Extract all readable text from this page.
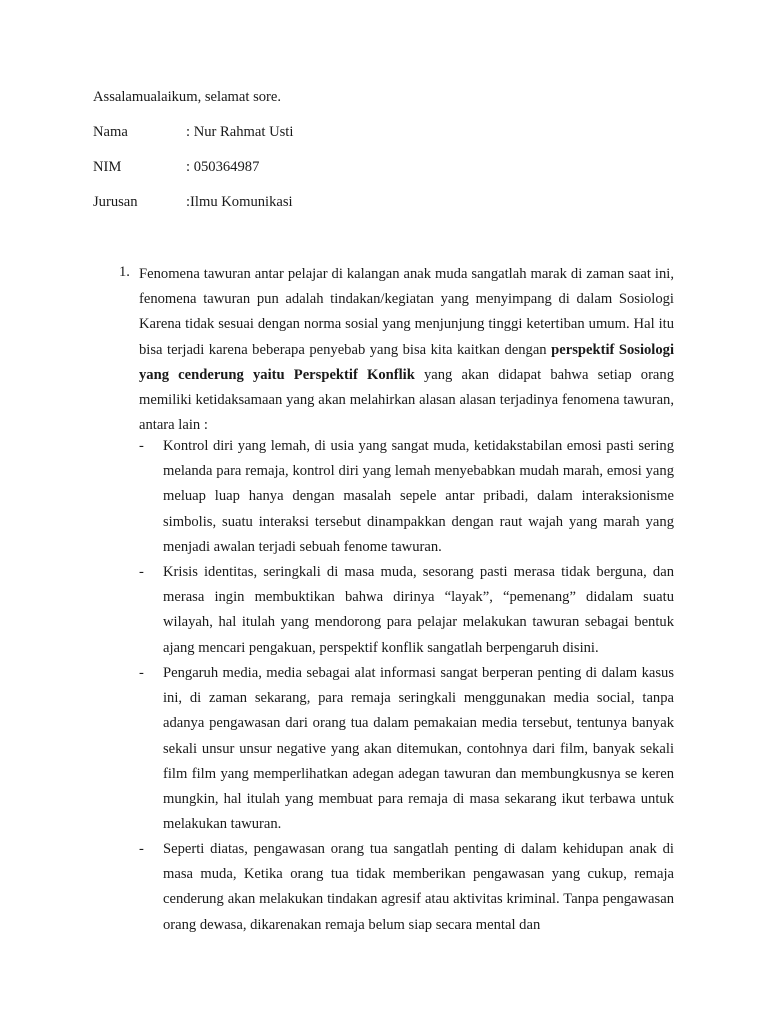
Assalamualaikum, selamat sore.
Nama	: Nur Rahmat Usti
NIM	: 050364987
Jurusan	:Ilmu Komunikasi
1. Fenomena tawuran antar pelajar di kalangan anak muda sangatlah marak di zaman saat ini, fenomena tawuran pun adalah tindakan/kegiatan yang menyimpang di dalam Sosiologi Karena tidak sesuai dengan norma sosial yang menjunjung tinggi ketertiban umum. Hal itu bisa terjadi karena beberapa penyebab yang bisa kita kaitkan dengan perspektif Sosiologi yang cenderung yaitu Perspektif Konflik yang akan didapat bahwa setiap orang memiliki ketidaksamaan yang akan melahirkan alasan alasan terjadinya fenomena tawuran, antara lain :
- Kontrol diri yang lemah, di usia yang sangat muda, ketidakstabilan emosi pasti sering melanda para remaja, kontrol diri yang lemah menyebabkan mudah marah, emosi yang meluap luap hanya dengan masalah sepele antar pribadi, dalam interaksionisme simbolis, suatu interaksi tersebut dinampakkan dengan raut wajah yang marah yang menjadi awalan terjadi sebuah fenome tawuran.
- Krisis identitas, seringkali di masa muda, sesorang pasti merasa tidak berguna, dan merasa ingin membuktikan bahwa dirinya “layak”, “pemenang” didalam suatu wilayah, hal itulah yang mendorong para pelajar melakukan tawuran sebagai bentuk ajang mencari pengakuan, perspektif konflik sangatlah berpengaruh disini.
- Pengaruh media, media sebagai alat informasi sangat berperan penting di dalam kasus ini, di zaman sekarang, para remaja seringkali menggunakan media social, tanpa adanya pengawasan dari orang tua dalam pemakaian media tersebut, tentunya banyak sekali unsur unsur negative yang akan ditemukan, contohnya dari film, banyak sekali film film yang memperlihatkan adegan adegan tawuran dan membungkusnya se keren mungkin, hal itulah yang membuat para remaja di masa sekarang ikut terbawa untuk melakukan tawuran.
- Seperti diatas, pengawasan orang tua sangatlah penting di dalam kehidupan anak di masa muda, Ketika orang tua tidak memberikan pengawasan yang cukup, remaja cenderung akan melakukan tindakan agresif atau aktivitas kriminal. Tanpa pengawasan orang dewasa, dikarenakan remaja belum siap secara mental dan
